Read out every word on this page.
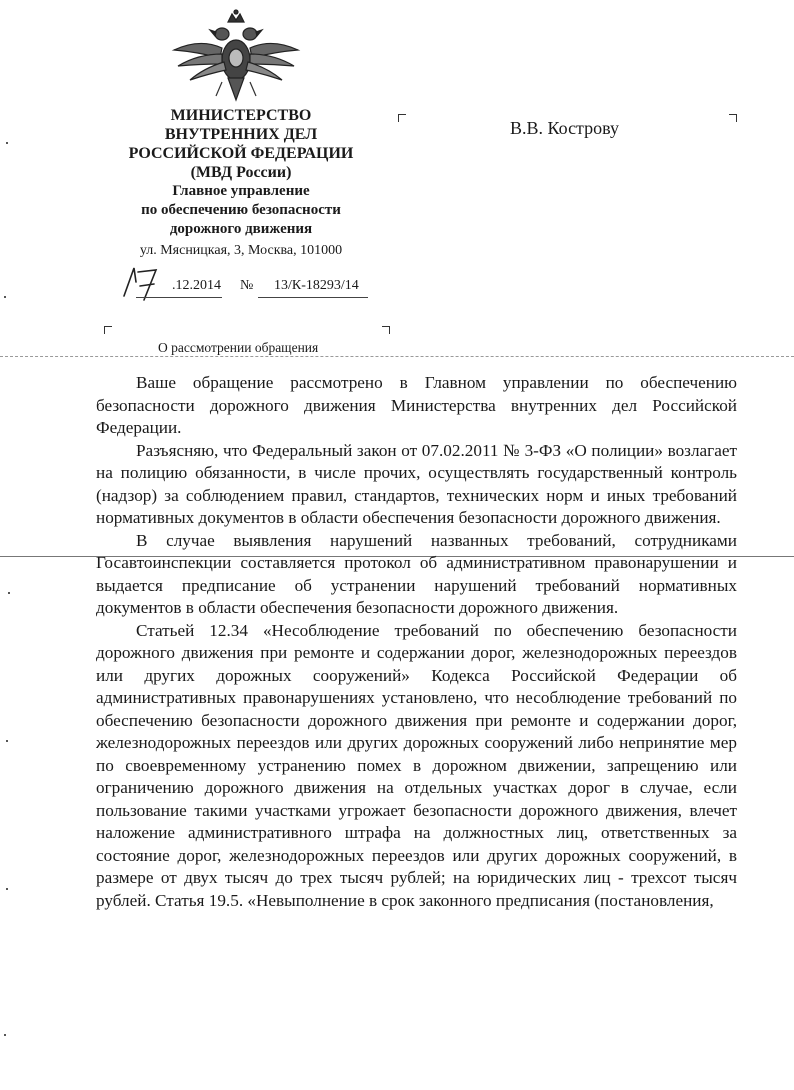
МИНИСТЕРСТВО
ВНУТРЕННИХ ДЕЛ
РОССИЙСКОЙ ФЕДЕРАЦИИ
(МВД России)
Главное управление
по обеспечению безопасности
дорожного движения
ул. Мясницкая, 3, Москва, 101000
.12.2014 № 13/К-18293/14
В.В. Кострову
О рассмотрении обращения

Ваше обращение рассмотрено в Главном управлении по обеспечению безопасности дорожного движения Министерства внутренних дел Российской Федерации.

Разъясняю, что Федеральный закон от 07.02.2011 № 3-ФЗ «О полиции» возлагает на полицию обязанности, в числе прочих, осуществлять государственный контроль (надзор) за соблюдением правил, стандартов, технических норм и иных требований нормативных документов в области обеспечения безопасности дорожного движения.

В случае выявления нарушений названных требований, сотрудниками Госавтоинспекции составляется протокол об административном правонарушении и выдается предписание об устранении нарушений требований нормативных документов в области обеспечения безопасности дорожного движения.

Статьей 12.34 «Несоблюдение требований по обеспечению безопасности дорожного движения при ремонте и содержании дорог, железнодорожных переездов или других дорожных сооружений» Кодекса Российской Федерации об административных правонарушениях установлено, что несоблюдение требований по обеспечению безопасности дорожного движения при ремонте и содержании дорог, железнодорожных переездов или других дорожных сооружений либо непринятие мер по своевременному устранению помех в дорожном движении, запрещению или ограничению дорожного движения на отдельных участках дорог в случае, если пользование такими участками угрожает безопасности дорожного движения, влечет наложение административного штрафа на должностных лиц, ответственных за состояние дорог, железнодорожных переездов или других дорожных сооружений, в размере от двух тысяч до трех тысяч рублей; на юридических лиц - трехсот тысяч рублей. Статья 19.5. «Невыполнение в срок законного предписания (постановления,
